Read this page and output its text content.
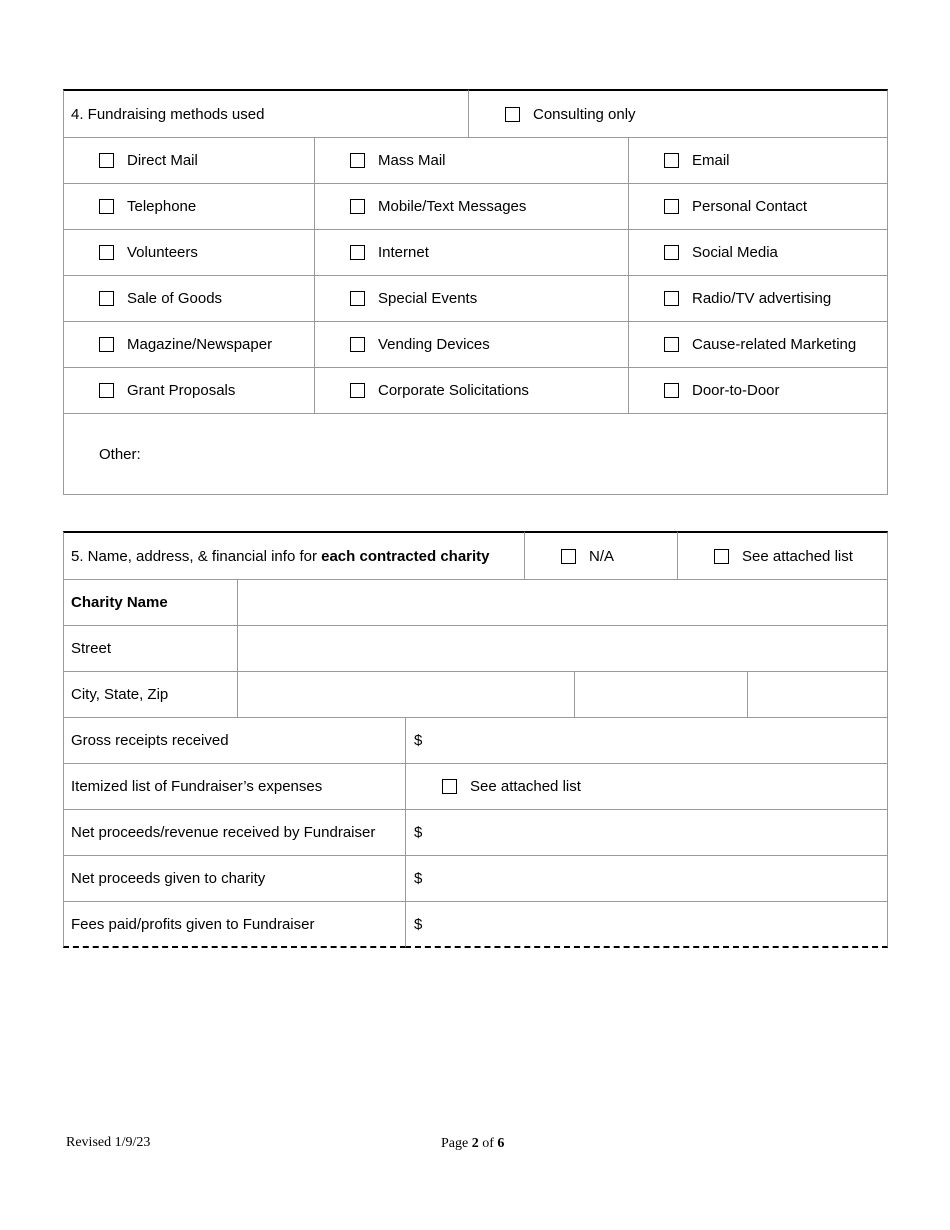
4. Fundraising methods used	Consulting only
Direct Mail	Mass Mail	Email
Telephone	Mobile/Text Messages	Personal Contact
Volunteers	Internet	Social Media
Sale of Goods	Special Events	Radio/TV advertising
Magazine/Newspaper	Vending Devices	Cause-related Marketing
Grant Proposals	Corporate Solicitations	Door-to-Door
Other:
5. Name, address, & financial info for each contracted charity	N/A	See attached list
Charity Name
Street
City, State, Zip
Gross receipts received	$
Itemized list of Fundraiser’s expenses	See attached list
Net proceeds/revenue received by Fundraiser	$
Net proceeds given to charity	$
Fees paid/profits given to Fundraiser	$
Revised 1/9/23	Page 2 of 6
